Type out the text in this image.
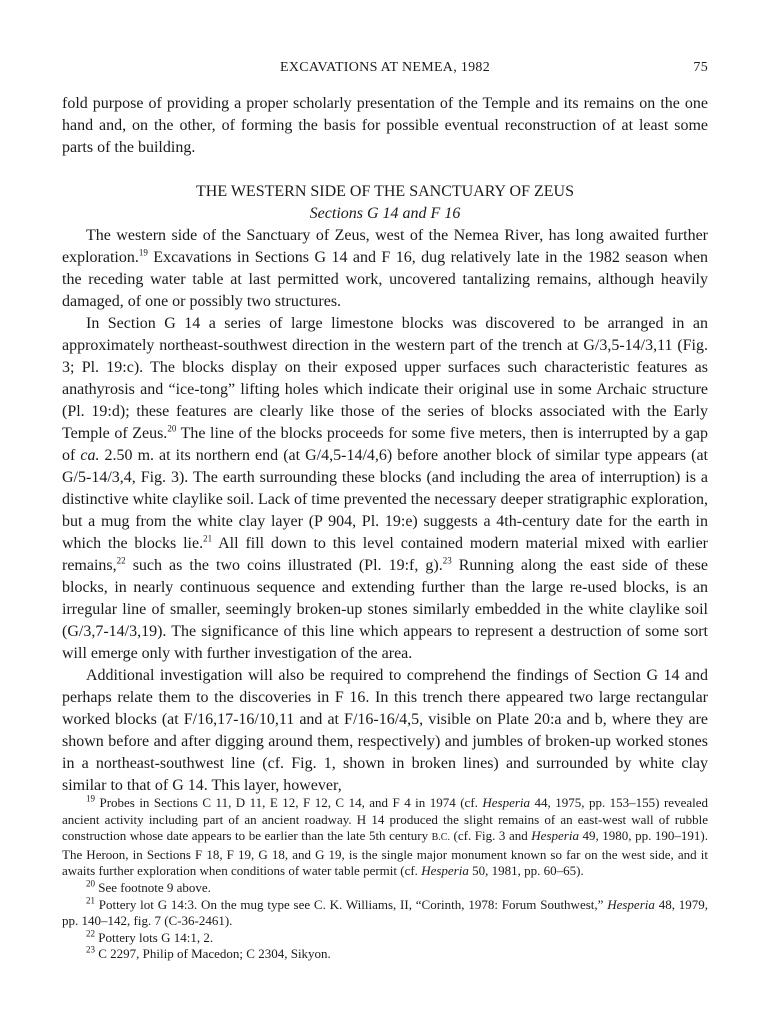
EXCAVATIONS AT NEMEA, 1982	75

fold purpose of providing a proper scholarly presentation of the Temple and its remains on the one hand and, on the other, of forming the basis for possible eventual reconstruction of at least some parts of the building.

THE WESTERN SIDE OF THE SANCTUARY OF ZEUS
Sections G 14 and F 16

The western side of the Sanctuary of Zeus, west of the Nemea River, has long awaited further exploration.$^{19}$ Excavations in Sections G 14 and F 16, dug relatively late in the 1982 season when the receding water table at last permitted work, uncovered tantalizing remains, although heavily damaged, of one or possibly two structures.

In Section G 14 a series of large limestone blocks was discovered to be arranged in an approximately northeast-southwest direction in the western part of the trench at G/3,5-14/3,11 (Fig. 3; Pl. 19:c). The blocks display on their exposed upper surfaces such characteristic features as anathyrosis and “ice-tong” lifting holes which indicate their original use in some Archaic structure (Pl. 19:d); these features are clearly like those of the series of blocks associated with the Early Temple of Zeus.$^{20}$ The line of the blocks proceeds for some five meters, then is interrupted by a gap of ca. 2.50 m. at its northern end (at G/4,5-14/4,6) before another block of similar type appears (at G/5-14/3,4, Fig. 3). The earth surrounding these blocks (and including the area of interruption) is a distinctive white claylike soil. Lack of time prevented the necessary deeper stratigraphic exploration, but a mug from the white clay layer (P 904, Pl. 19:e) suggests a 4th-century date for the earth in which the blocks lie.$^{21}$ All fill down to this level contained modern material mixed with earlier remains,$^{22}$ such as the two coins illustrated (Pl. 19:f, g).$^{23}$ Running along the east side of these blocks, in nearly continuous sequence and extending further than the large re-used blocks, is an irregular line of smaller, seemingly broken-up stones similarly embedded in the white claylike soil (G/3,7-14/3,19). The significance of this line which appears to represent a destruction of some sort will emerge only with further investigation of the area.

Additional investigation will also be required to comprehend the findings of Section G 14 and perhaps relate them to the discoveries in F 16. In this trench there appeared two large rectangular worked blocks (at F/16,17-16/10,11 and at F/16-16/4,5, visible on Plate 20:a and b, where they are shown before and after digging around them, respectively) and jumbles of broken-up worked stones in a northeast-southwest line (cf. Fig. 1, shown in broken lines) and surrounded by white clay similar to that of G 14. This layer, however,

$^{19}$ Probes in Sections C 11, D 11, E 12, F 12, C 14, and F 4 in 1974 (cf. Hesperia 44, 1975, pp. 153–155) revealed ancient activity including part of an ancient roadway. H 14 produced the slight remains of an east-west wall of rubble construction whose date appears to be earlier than the late 5th century B.C. (cf. Fig. 3 and Hesperia 49, 1980, pp. 190–191). The Heroon, in Sections F 18, F 19, G 18, and G 19, is the single major monument known so far on the west side, and it awaits further exploration when conditions of water table permit (cf. Hesperia 50, 1981, pp. 60–65).

$^{20}$ See footnote 9 above.

$^{21}$ Pottery lot G 14:3. On the mug type see C. K. Williams, II, “Corinth, 1978: Forum Southwest,” Hesperia 48, 1979, pp. 140–142, fig. 7 (C-36-2461).

$^{22}$ Pottery lots G 14:1, 2.

$^{23}$ C 2297, Philip of Macedon; C 2304, Sikyon.
